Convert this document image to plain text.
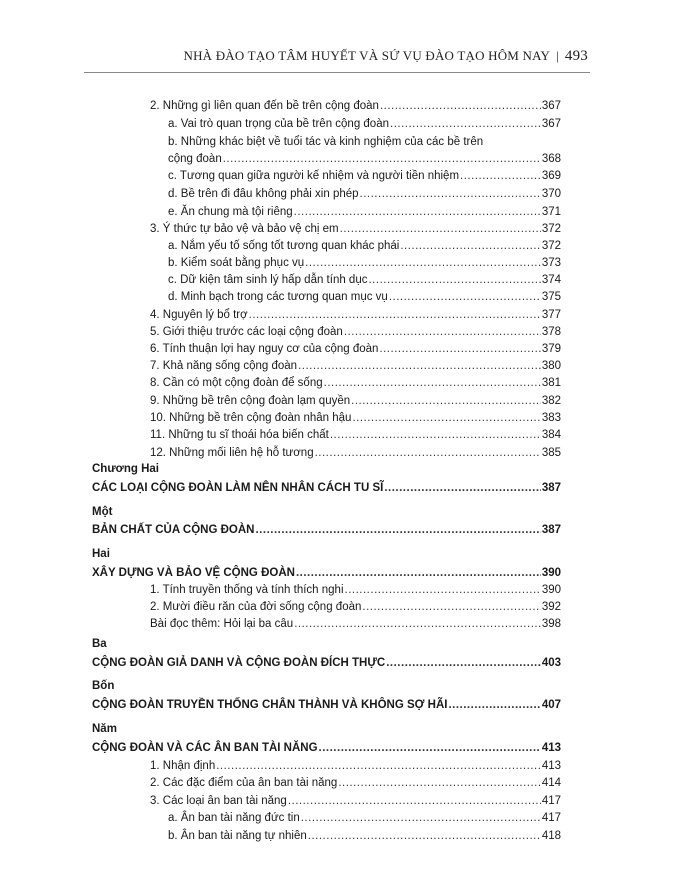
NHÀ ĐÀO TẠO TÂM HUYẾT VÀ SỨ VỤ ĐÀO TẠO HÔM NAY | 493
2. Những gì liên quan đến bề trên cộng đoàn .....	367
a. Vai trò quan trọng của bề trên cộng đoàn .....	367
b. Những khác biệt về tuổi tác và kinh nghiệm của các bề trên
cộng đoàn .....	368
c. Tương quan giữa người kế nhiệm và người tiền nhiệm .....	369
d. Bề trên đi đâu không phải xin phép .....	370
e. Ăn chung mà tội riêng .....	371
3. Ý thức tự bảo vệ và bảo vệ chị em .....	372
a. Nắm yếu tố sống tốt tương quan khác phái .....	372
b. Kiểm soát bằng phục vụ .....	373
c. Dữ kiện tâm sinh lý hấp dẫn tính dục .....	374
d. Minh bạch trong các tương quan mục vụ .....	375
4. Nguyên lý bổ trợ .....	377
5. Giới thiệu trước các loại cộng đoàn .....	378
6. Tính thuận lợi hay nguy cơ của cộng đoàn .....	379
7. Khả năng sống cộng đoàn .....	380
8. Cần có một cộng đoàn để sống .....	381
9. Những bề trên cộng đoàn lạm quyền .....	382
10. Những bề trên cộng đoàn nhân hậu .....	383
11. Những tu sĩ thoái hóa biến chất .....	384
12. Những mối liên hệ hỗ tương .....	385
Chương Hai
CÁC LOẠI CỘNG ĐOÀN LÀM NÊN NHÂN CÁCH TU SĨ .....	387
Một
BẢN CHẤT CỦA CỘNG ĐOÀN .....	387
Hai
XÂY DỰNG VÀ BẢO VỆ CỘNG ĐOÀN .....	390
1. Tính truyền thống và tính thích nghi .....	390
2. Mười điều răn của đời sống cộng đoàn .....	392
Bài đọc thêm: Hỏi lại ba câu .....	398
Ba
CỘNG ĐOÀN GIẢ DANH VÀ CỘNG ĐOÀN ĐÍCH THỰC .....	403
Bốn
CỘNG ĐOÀN TRUYỀN THỐNG CHÂN THÀNH VÀ KHÔNG SỢ HÃI .....	407
Năm
CỘNG ĐOÀN VÀ CÁC ÂN BAN TÀI NĂNG .....	413
1. Nhận định .....	413
2. Các đặc điểm của ân ban tài năng .....	414
3. Các loại ân ban tài năng .....	417
a. Ân ban tài năng đức tin .....	417
b. Ân ban tài năng tự nhiên .....	418
